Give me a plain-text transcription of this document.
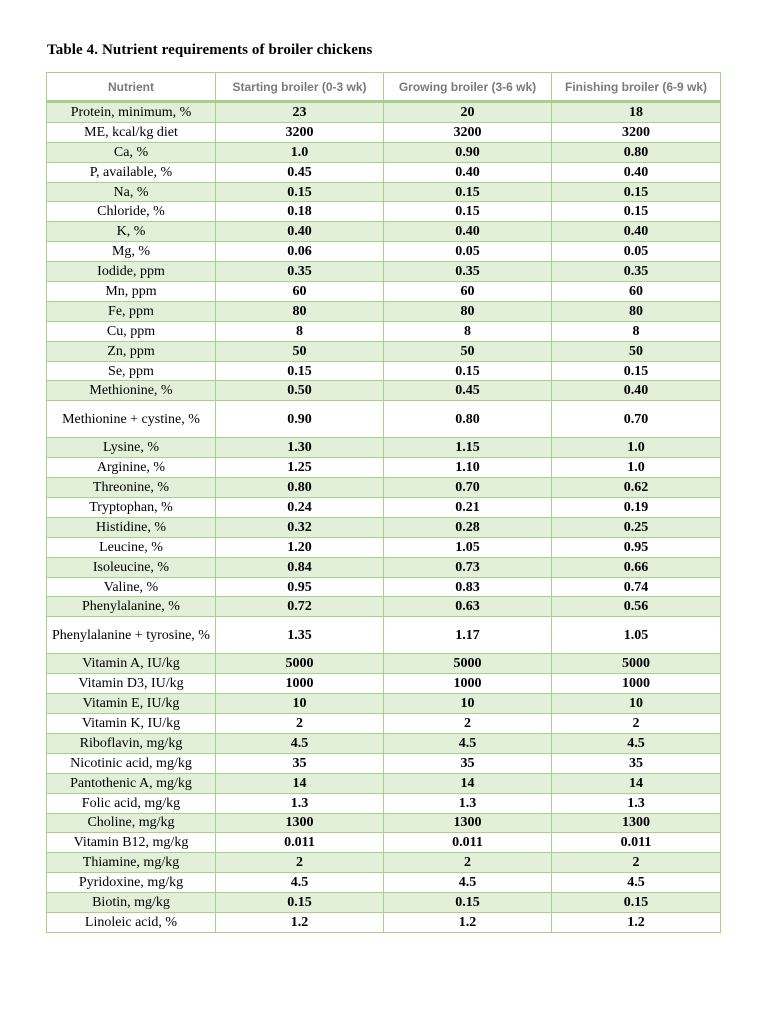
Table 4. Nutrient requirements of broiler chickens
Nutrient	Starting broiler (0-3 wk)	Growing broiler (3-6 wk)	Finishing broiler (6-9 wk)
Protein, minimum, %	23	20	18
ME, kcal/kg diet	3200	3200	3200
Ca, %	1.0	0.90	0.80
P, available, %	0.45	0.40	0.40
Na, %	0.15	0.15	0.15
Chloride, %	0.18	0.15	0.15
K, %	0.40	0.40	0.40
Mg, %	0.06	0.05	0.05
Iodide, ppm	0.35	0.35	0.35
Mn, ppm	60	60	60
Fe, ppm	80	80	80
Cu, ppm	8	8	8
Zn, ppm	50	50	50
Se, ppm	0.15	0.15	0.15
Methionine, %	0.50	0.45	0.40
Methionine + cystine, %	0.90	0.80	0.70
Lysine, %	1.30	1.15	1.0
Arginine, %	1.25	1.10	1.0
Threonine, %	0.80	0.70	0.62
Tryptophan, %	0.24	0.21	0.19
Histidine, %	0.32	0.28	0.25
Leucine, %	1.20	1.05	0.95
Isoleucine, %	0.84	0.73	0.66
Valine, %	0.95	0.83	0.74
Phenylalanine, %	0.72	0.63	0.56
Phenylalanine + tyrosine, %	1.35	1.17	1.05
Vitamin A, IU/kg	5000	5000	5000
Vitamin D3, IU/kg	1000	1000	1000
Vitamin E, IU/kg	10	10	10
Vitamin K, IU/kg	2	2	2
Riboflavin, mg/kg	4.5	4.5	4.5
Nicotinic acid, mg/kg	35	35	35
Pantothenic A, mg/kg	14	14	14
Folic acid, mg/kg	1.3	1.3	1.3
Choline, mg/kg	1300	1300	1300
Vitamin B12, mg/kg	0.011	0.011	0.011
Thiamine, mg/kg	2	2	2
Pyridoxine, mg/kg	4.5	4.5	4.5
Biotin, mg/kg	0.15	0.15	0.15
Linoleic acid, %	1.2	1.2	1.2
